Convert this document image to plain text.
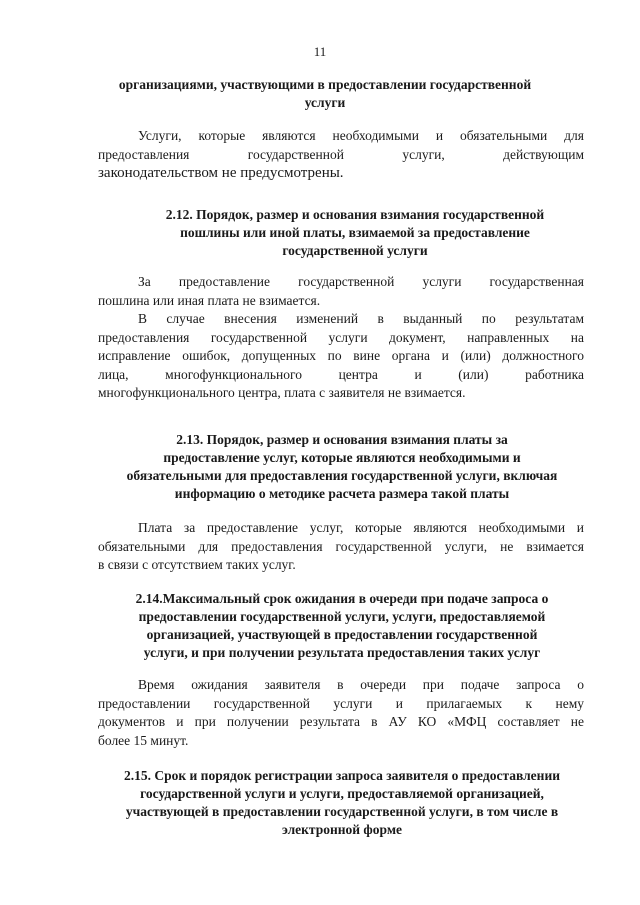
11
организациями, участвующими в предоставлении государственной
услуги
Услуги, которые являются необходимыми и обязательными для
предоставления государственной услуги, действующим
законодательством не предусмотрены.
2.12. Порядок, размер и основания взимания государственной
пошлины или иной платы, взимаемой за предоставление
государственной услуги
За предоставление государственной услуги государственная
пошлина или иная плата не взимается.
В случае внесения изменений в выданный по результатам
предоставления государственной услуги документ, направленных на
исправление ошибок, допущенных по вине органа и (или) должностного
лица, многофункционального центра и (или) работника
многофункционального центра, плата с заявителя не взимается.
2.13. Порядок, размер и основания взимания платы за
предоставление услуг, которые являются необходимыми и
обязательными для предоставления государственной услуги, включая
информацию о методике расчета размера такой платы
Плата за предоставление услуг, которые являются необходимыми и
обязательными для предоставления государственной услуги, не взимается
в связи с отсутствием таких услуг.
2.14.Максимальный срок ожидания в очереди при подаче запроса о
предоставлении государственной услуги, услуги, предоставляемой
организацией, участвующей в предоставлении государственной
услуги, и при получении результата предоставления таких услуг
Время ожидания заявителя в очереди при подаче запроса о
предоставлении государственной услуги и прилагаемых к нему
документов и при получении результата в АУ КО «МФЦ составляет не
более 15 минут.
2.15. Срок и порядок регистрации запроса заявителя о предоставлении
государственной услуги и услуги, предоставляемой организацией,
участвующей в предоставлении государственной услуги, в том числе в
электронной форме
